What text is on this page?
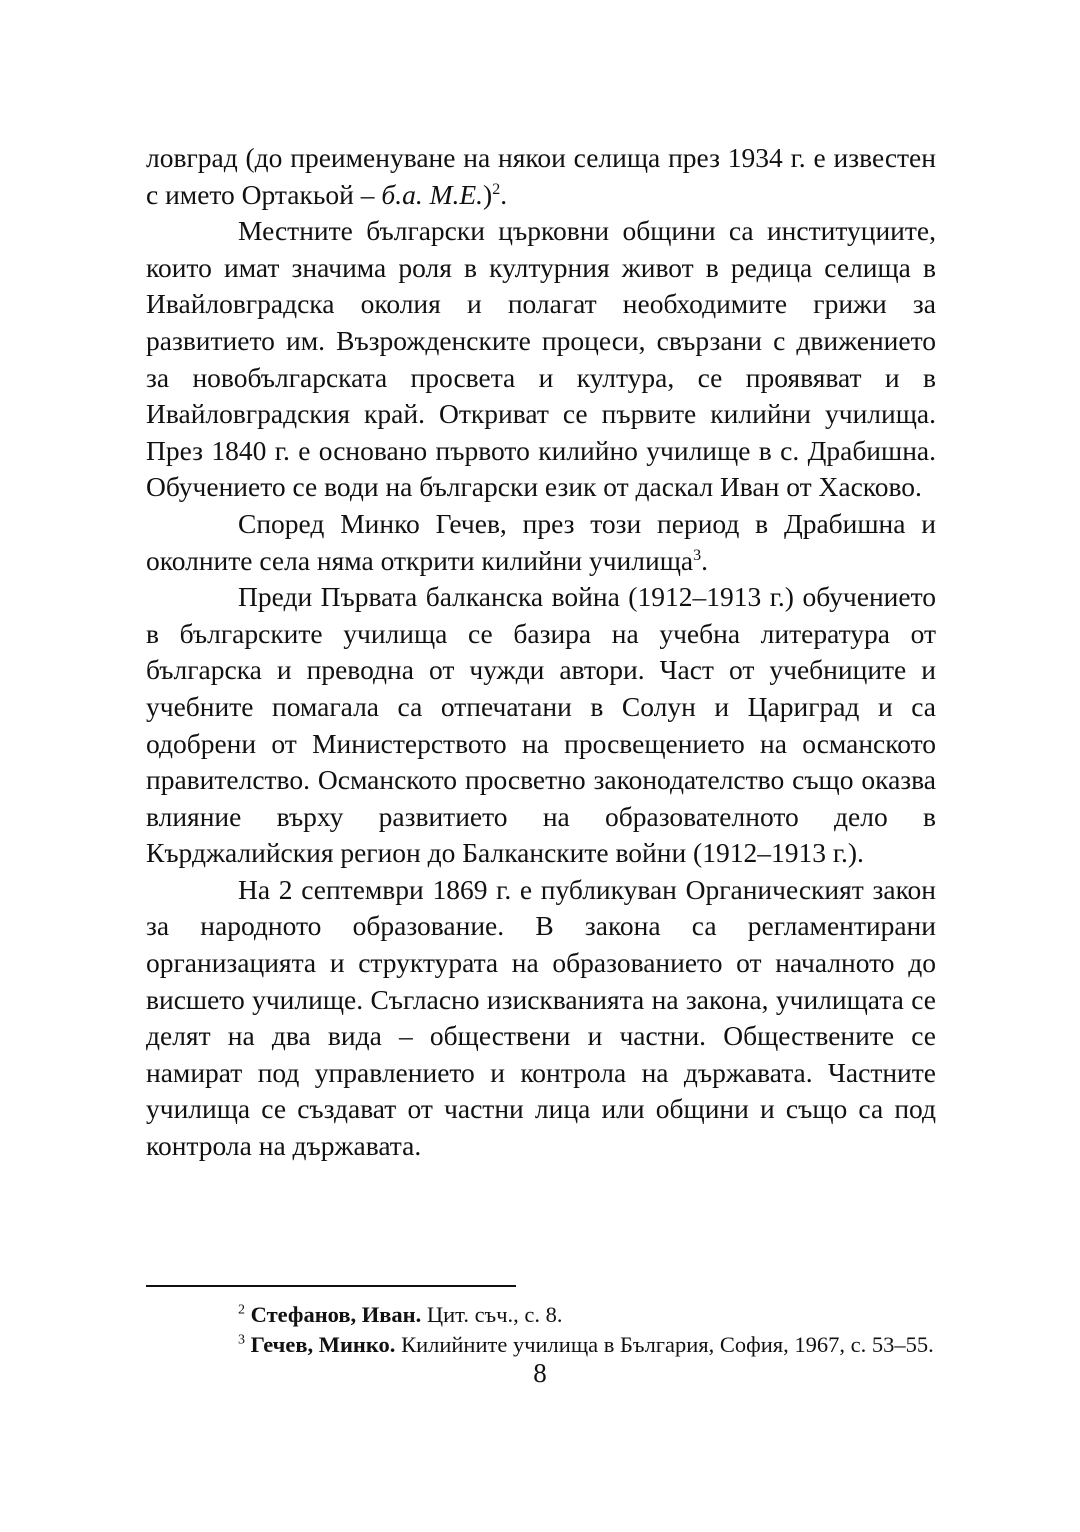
ловград (до преименуване на някои селища през 1934 г. е известен с името Ортакьой – б.а. М.Е.)$^2$.

Местните български църковни общини са институциите, които имат значима роля в културния живот в редица селища в Ивайловградска околия и полагат необходимите грижи за развитието им. Възрожденските процеси, свързани с движението за новобългарската просвета и култура, се проявяват и в Ивайловградския край. Откриват се първите килийни училища. През 1840 г. е основано първото килийно училище в с. Драбишна. Обучението се води на български език от даскал Иван от Хасково.

Според Минко Гечев, през този период в Драбишна и околните села няма открити килийни училища$^3$.

Преди Първата балканска война (1912–1913 г.) обучението в българските училища се базира на учебна литература от българска и преводна от чужди автори. Част от учебниците и учебните помагала са отпечатани в Солун и Цариград и са одобрени от Министерството на просвещението на османското правителство. Османското просветно законодателство също оказва влияние върху развитието на образователното дело в Кърджалийския регион до Балканските войни (1912–1913 г.).

На 2 септември 1869 г. е публикуван Органическият закон за народното образование. В закона са регламентирани организацията и структурата на образованието от началното до висшето училище. Съгласно изискванията на закона, училищата се делят на два вида – обществени и частни. Обществените се намират под управлението и контрола на държавата. Частните училища се създават от частни лица или общини и също са под контрола на държавата.

$^2$ Стефанов, Иван. Цит. съч., с. 8.

$^3$ Гечев, Минко. Килийните училища в България, София, 1967, с. 53–55.

8
